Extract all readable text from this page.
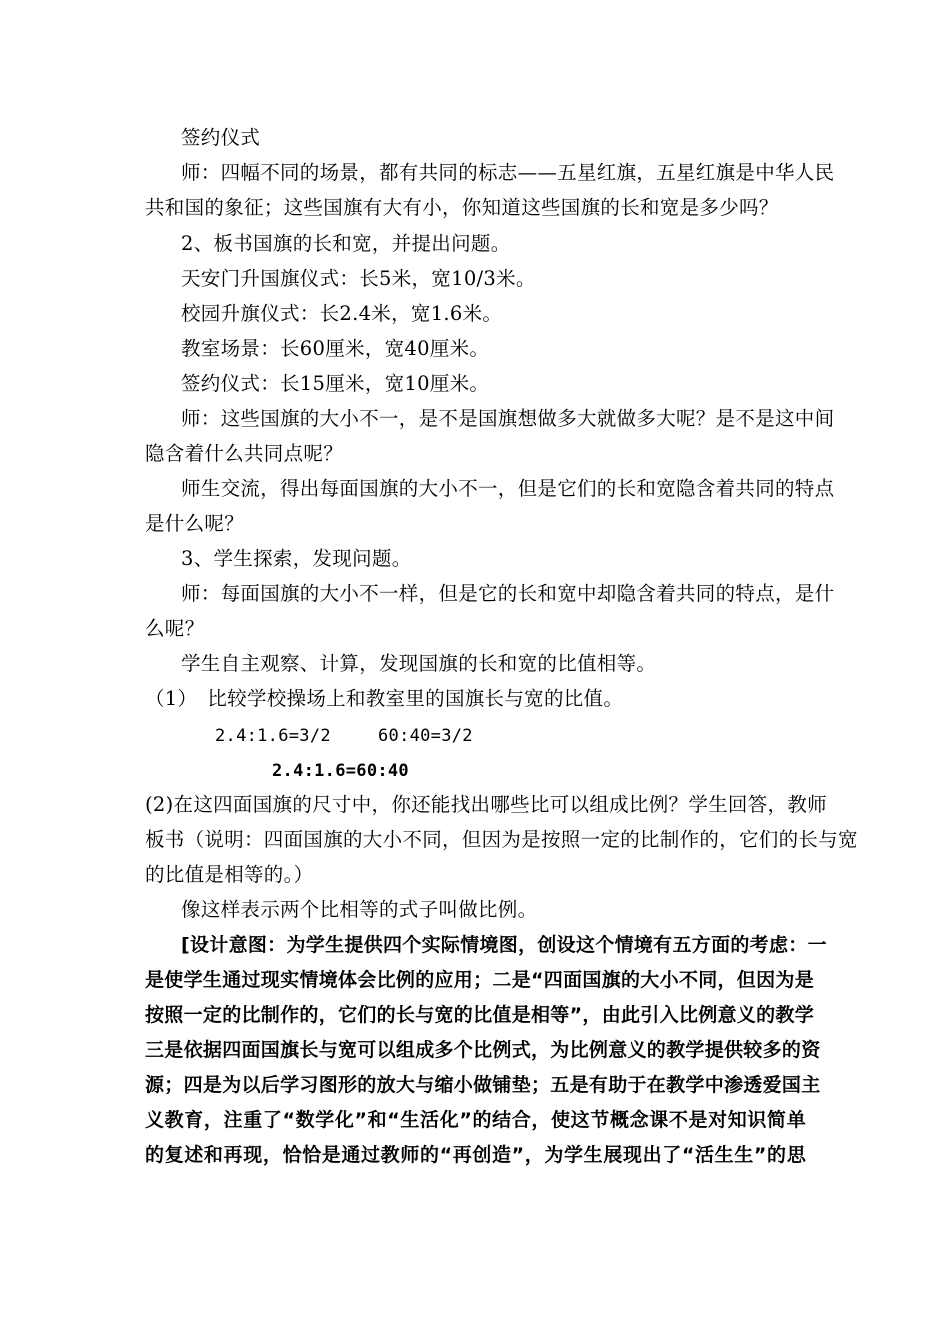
签约仪式
师：四幅不同的场景，都有共同的标志——五星红旗，五星红旗是中华人民
共和国的象征；这些国旗有大有小，你知道这些国旗的长和宽是多少吗？
2、板书国旗的长和宽，并提出问题。
天安门升国旗仪式：长5米，宽10/3米。
校园升旗仪式：长2.4米，宽1.6米。
教室场景：长60厘米，宽40厘米。
签约仪式：长15厘米，宽10厘米。
师：这些国旗的大小不一，是不是国旗想做多大就做多大呢？是不是这中间
隐含着什么共同点呢？
师生交流，得出每面国旗的大小不一，但是它们的长和宽隐含着共同的特点
是什么呢？
3、学生探索，发现问题。
师：每面国旗的大小不一样，但是它的长和宽中却隐含着共同的特点，是什
么呢？
学生自主观察、计算，发现国旗的长和宽的比值相等。
（1）　比较学校操场上和教室里的国旗长与宽的比值。
2.4:1.6=3/2	60:40=3/2
2.4:1.6=60:40
(2)在这四面国旗的尺寸中，你还能找出哪些比可以组成比例？学生回答，教师
板书（说明：四面国旗的大小不同，但因为是按照一定的比制作的，它们的长与宽
的比值是相等的。）
像这样表示两个比相等的式子叫做比例。
[设计意图：为学生提供四个实际情境图，创设这个情境有五方面的考虑：一
是使学生通过现实情境体会比例的应用；二是“四面国旗的大小不同，但因为是
按照一定的比制作的，它们的长与宽的比值是相等”，由此引入比例意义的教学
三是依据四面国旗长与宽可以组成多个比例式，为比例意义的教学提供较多的资
源；四是为以后学习图形的放大与缩小做铺垫；五是有助于在教学中渗透爱国主
义教育，注重了“数学化”和“生活化”的结合，使这节概念课不是对知识简单
的复述和再现，恰恰是通过教师的“再创造”，为学生展现出了“活生生”的思
